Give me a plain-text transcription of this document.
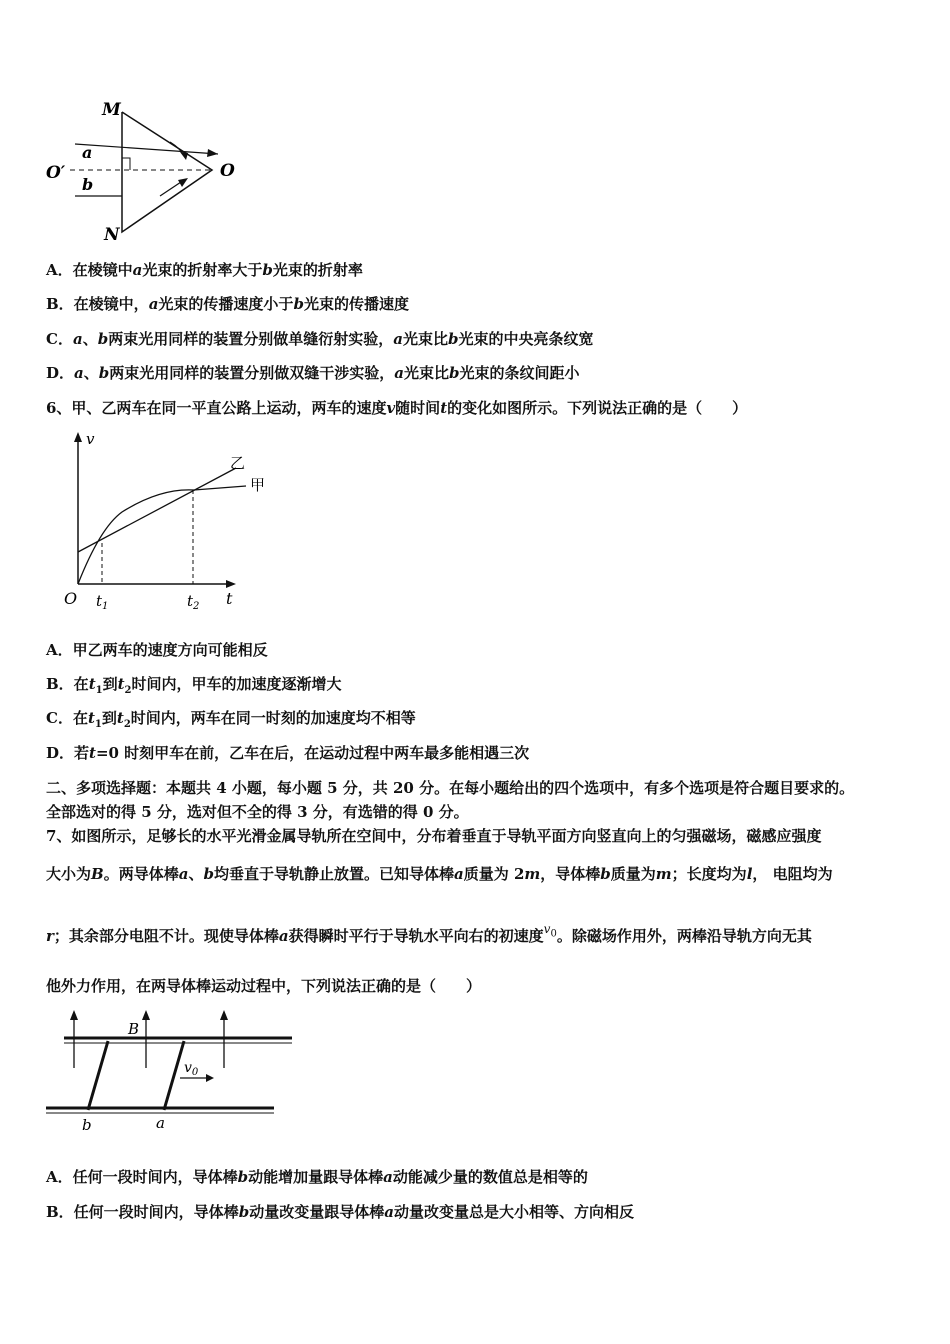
M
N
O′	O
a
b
A．在棱镜中a光束的折射率大于b光束的折射率
B．在棱镜中，a光束的传播速度小于b光束的传播速度
C．a、b两束光用同样的装置分别做单缝衍射实验，a光束比b光束的中央亮条纹宽
D．a、b两束光用同样的装置分别做双缝干涉实验，a光束比b光束的条纹间距小
6、甲、乙两车在同一平直公路上运动，两车的速度v随时间t的变化如图所示。下列说法正确的是（　　）
v
t
O $t_1$	$t_2$
乙
甲
A．甲乙两车的速度方向可能相反
B．在$t_1$到$t_2$时间内，甲车的加速度逐渐增大
C．在$t_1$到$t_2$时间内，两车在同一时刻的加速度均不相等
D．若t=0 时刻甲车在前，乙车在后，在运动过程中两车最多能相遇三次
二、多项选择题：本题共 4 小题，每小题 5 分，共 20 分。在每小题给出的四个选项中，有多个选项是符合题目要求的。
全部选对的得 5 分，选对但不全的得 3 分，有选错的得 0 分。
7、如图所示，足够长的水平光滑金属导轨所在空间中，分布着垂直于导轨平面方向竖直向上的匀强磁场，磁感应强度
大小为B。两导体棒a、b均垂直于导轨静止放置。已知导体棒a质量为 2m，导体棒b质量为m；长度均为l， 电阻均为
r；其余部分电阻不计。现使导体棒a获得瞬时平行于导轨水平向右的初速度$^{v_0}$。除磁场作用外，两棒沿导轨方向无其
他外力作用，在两导体棒运动过程中，下列说法正确的是（　　）
B
$v_0$
b	a
A．任何一段时间内，导体棒b动能增加量跟导体棒a动能减少量的数值总是相等的
B．任何一段时间内，导体棒b动量改变量跟导体棒a动量改变量总是大小相等、方向相反
